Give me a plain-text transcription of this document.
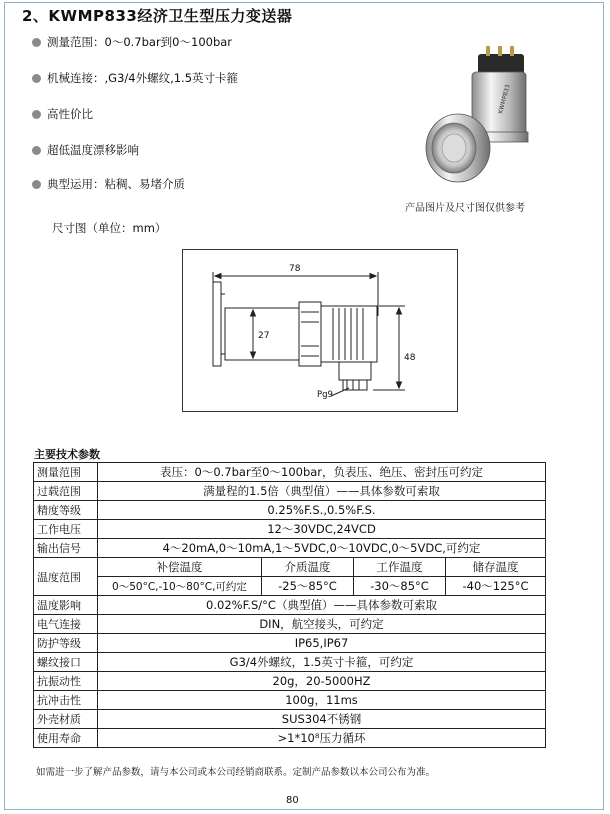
2、KWMP833经济卫生型压力变送器
测量范围：0～0.7bar到0～100bar
机械连接：,G3/4外螺纹,1.5英寸卡箍
高性价比
超低温度漂移影响
典型运用：粘稠、易堵介质
KWMP833
产品图片及尺寸图仅供参考
尺寸图（单位：mm）
78
27
48
Pg9
主要技术参数
测量范围	表压：0～0.7bar至0～100bar，负表压、绝压、密封压可约定			
过载范围	满量程的1.5倍（典型值）——具体参数可索取			
精度等级	0.25%F.S.,0.5%F.S.			
工作电压	12～30VDC,24VCD			
输出信号	4～20mA,0～10mA,1～5VDC,0～10VDC,0～5VDC,可约定			
温度范围	补偿温度	介质温度	工作温度	储存温度
	0～50°C,-10～80°C,可约定	-25～85°C	-30～85°C	-40～125°C
温度影响	0.02%F.S/°C（典型值）——具体参数可索取			
电气连接	DIN，航空接头，可约定			
防护等级	IP65,IP67			
螺纹接口	G3/4外螺纹，1.5英寸卡箍，可约定			
抗振动性	20g，20-5000HZ			
抗冲击性	100g，11ms			
外壳材质	SUS304不锈钢			
使用寿命	>1*10⁸压力循环			
如需进一步了解产品参数，请与本公司或本公司经销商联系。定制产品参数以本公司公布为准。
80
